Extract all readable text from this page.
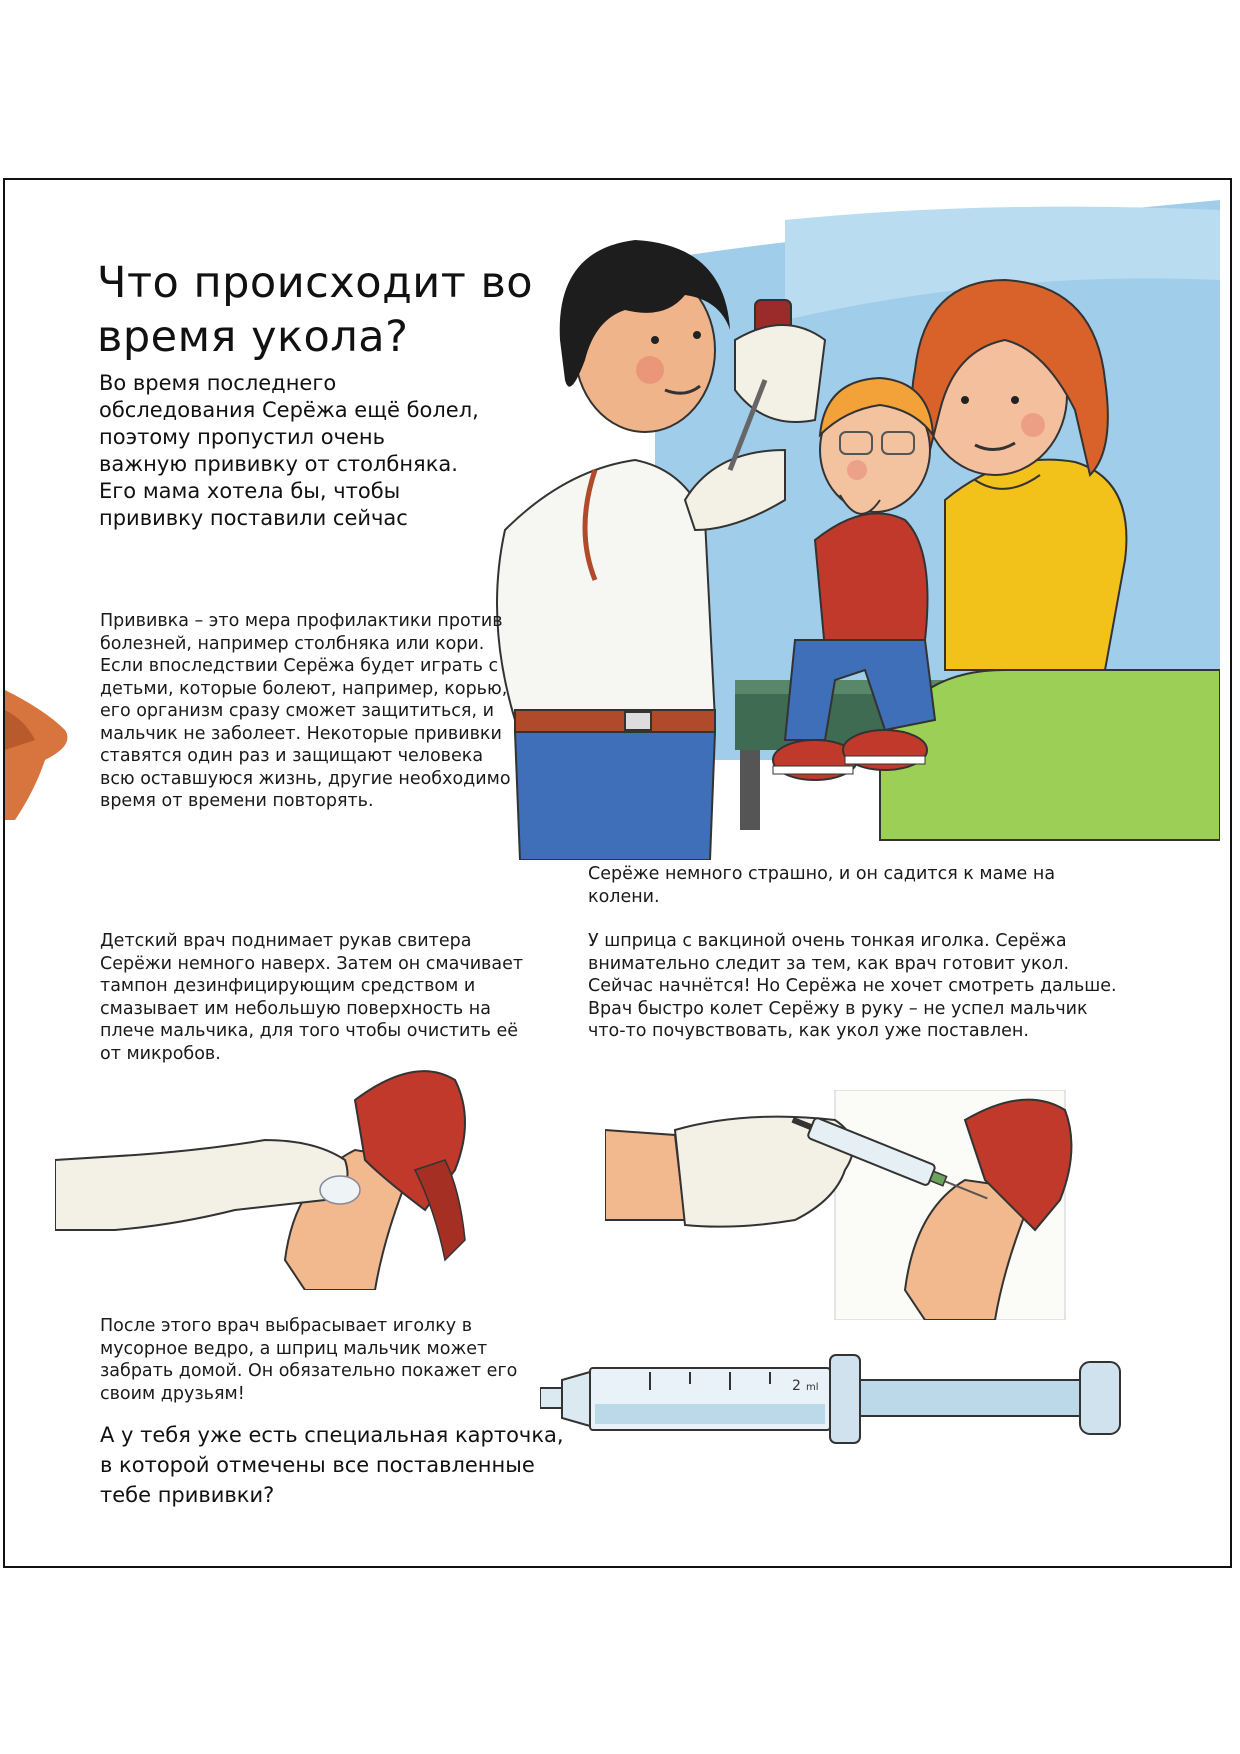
Что происходит во время укола?
Во время последнего обследования Серёжа ещё болел, поэтому пропустил очень важную прививку от столбняка. Его мама хотела бы, чтобы прививку поставили сейчас

Прививка – это мера профилактики против болезней, например столбняка или кори. Если впоследствии Серёжа будет играть с детьми, которые болеют, например, корью, его организм сразу сможет защититься, и мальчик не заболеет. Некоторые прививки ставятся один раз и защищают человека всю оставшуюся жизнь, другие необходимо время от времени повторять.

Серёже немного страшно, и он садится к маме на колени.

Детский врач поднимает рукав свитера Серёжи немного наверх. Затем он смачивает тампон дезинфицирующим средством и смазывает им небольшую поверхность на плече мальчика, для того чтобы очистить её от микробов.

У шприца с вакциной очень тонкая иголка. Серёжа внимательно следит за тем, как врач готовит укол. Сейчас начнётся! Но Серёжа не хочет смотреть дальше. Врач быстро колет Серёжу в руку – не успел мальчик что-то почувствовать, как укол уже поставлен.

После этого врач выбрасывает иголку в мусорное ведро, а шприц мальчик может забрать домой. Он обязательно покажет его своим друзьям!

А у тебя уже есть специальная карточка, в которой отмечены все поставленные тебе прививки?

2 ml
